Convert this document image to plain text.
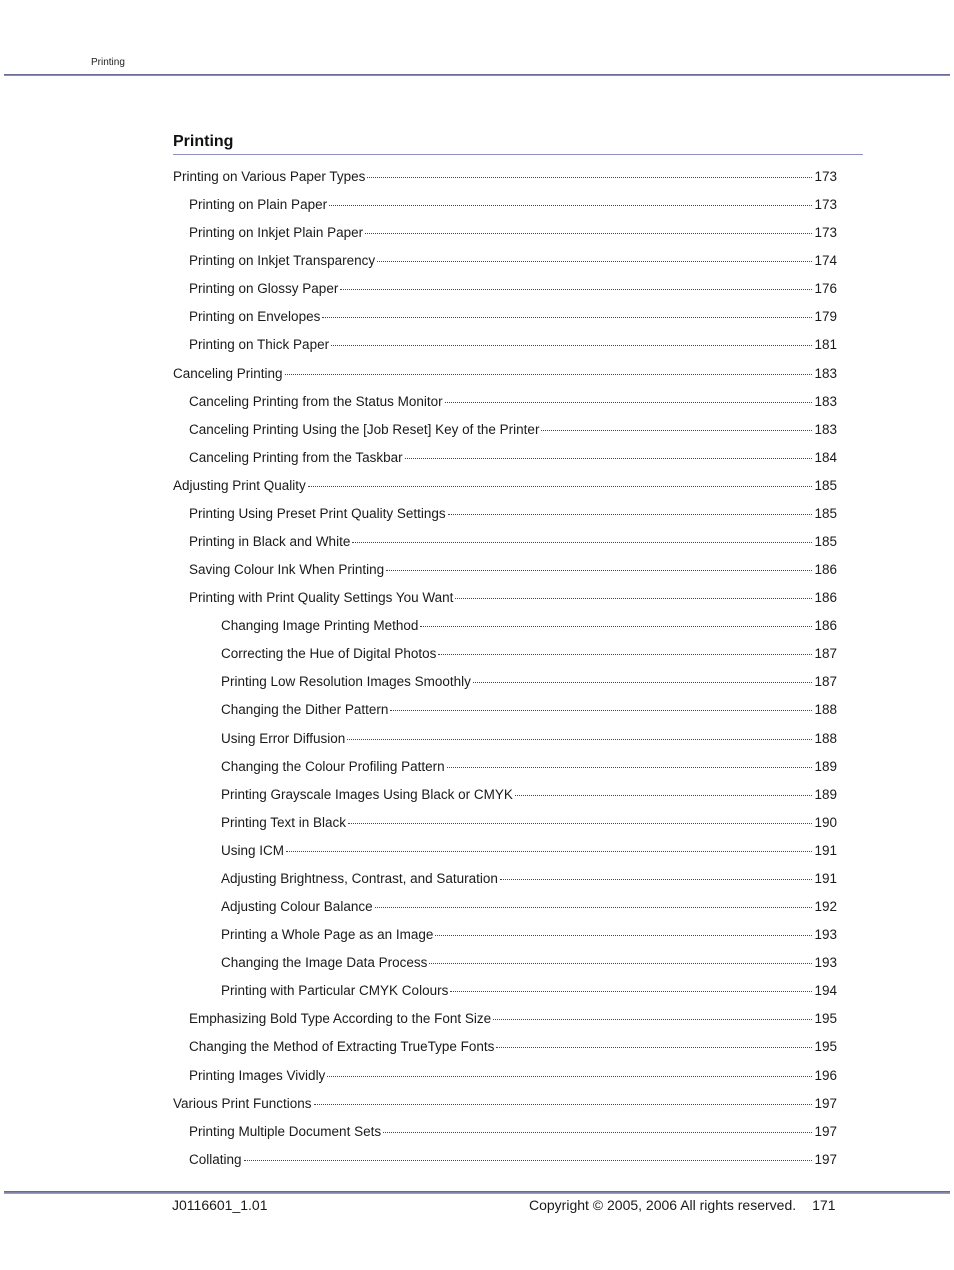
Printing
Printing
Printing on Various Paper Types	173
Printing on Plain Paper	173
Printing on Inkjet Plain Paper	173
Printing on Inkjet Transparency	174
Printing on Glossy Paper	176
Printing on Envelopes	179
Printing on Thick Paper	181
Canceling Printing	183
Canceling Printing from the Status Monitor	183
Canceling Printing Using the [Job Reset] Key of the Printer	183
Canceling Printing from the Taskbar	184
Adjusting Print Quality	185
Printing Using Preset Print Quality Settings	185
Printing in Black and White	185
Saving Colour Ink When Printing	186
Printing with Print Quality Settings You Want	186
Changing Image Printing Method	186
Correcting the Hue of Digital Photos	187
Printing Low Resolution Images Smoothly	187
Changing the Dither Pattern	188
Using Error Diffusion	188
Changing the Colour Profiling Pattern	189
Printing Grayscale Images Using Black or CMYK	189
Printing Text in Black	190
Using ICM	191
Adjusting Brightness, Contrast, and Saturation	191
Adjusting Colour Balance	192
Printing a Whole Page as an Image	193
Changing the Image Data Process	193
Printing with Particular CMYK Colours	194
Emphasizing Bold Type According to the Font Size	195
Changing the Method of Extracting TrueType Fonts	195
Printing Images Vividly	196
Various Print Functions	197
Printing Multiple Document Sets	197
Collating	197
J0116601_1.01	Copyright © 2005, 2006 All rights reserved. 171
